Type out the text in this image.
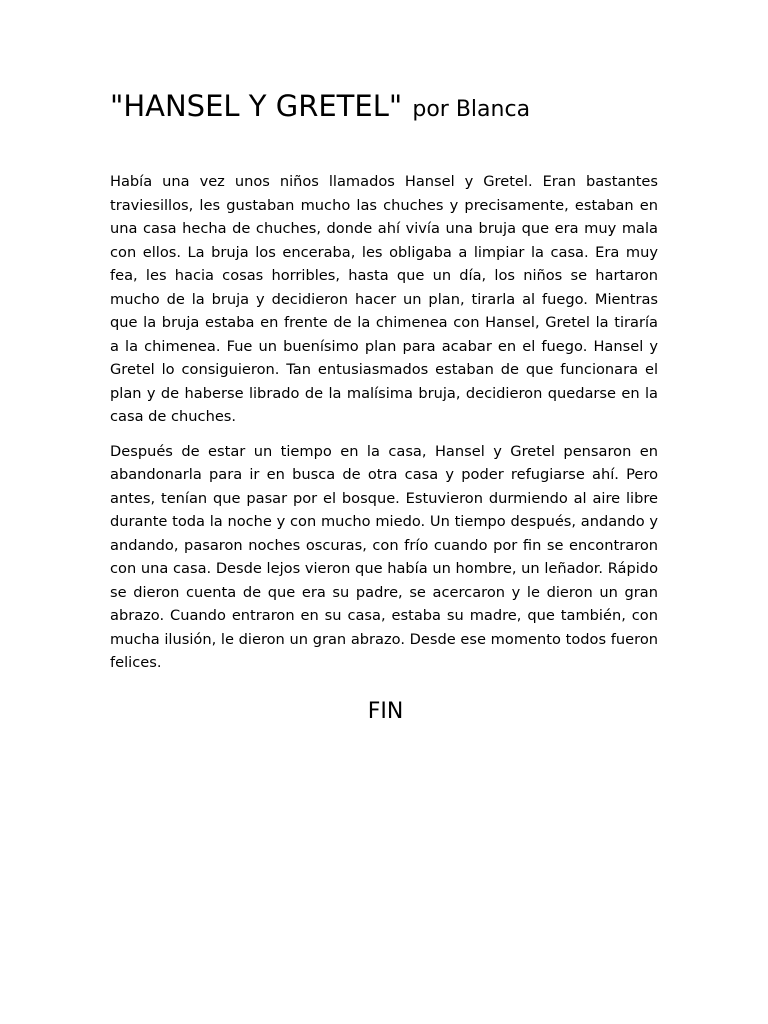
"HANSEL Y GRETEL" por Blanca

Había una vez unos niños llamados Hansel y Gretel. Eran bastantes traviesillos, les gustaban mucho las chuches y precisamente, estaban en una casa hecha de chuches, donde ahí vivía una bruja que era muy mala con ellos. La bruja los enceraba, les obligaba a limpiar la casa. Era muy fea, les hacia cosas horribles, hasta que un día, los niños se hartaron mucho de la bruja y decidieron hacer un plan, tirarla al fuego. Mientras que la bruja estaba en frente de la chimenea con Hansel, Gretel la tiraría a la chimenea. Fue un buenísimo plan para acabar en el fuego. Hansel y Gretel lo consiguieron. Tan entusiasmados estaban de que funcionara el plan y de haberse librado de la malísima bruja, decidieron quedarse en la casa de chuches.

Después de estar un tiempo en la casa, Hansel y Gretel pensaron en abandonarla para ir en busca de otra casa y poder refugiarse ahí. Pero antes, tenían que pasar por el bosque. Estuvieron durmiendo al aire libre durante toda la noche y con mucho miedo. Un tiempo después, andando y andando, pasaron noches oscuras, con frío cuando por fin se encontraron con una casa. Desde lejos vieron que había un hombre, un leñador. Rápido se dieron cuenta de que era su padre, se acercaron y le dieron un gran abrazo. Cuando entraron en su casa, estaba su madre, que también, con mucha ilusión, le dieron un gran abrazo. Desde ese momento todos fueron felices.

FIN
